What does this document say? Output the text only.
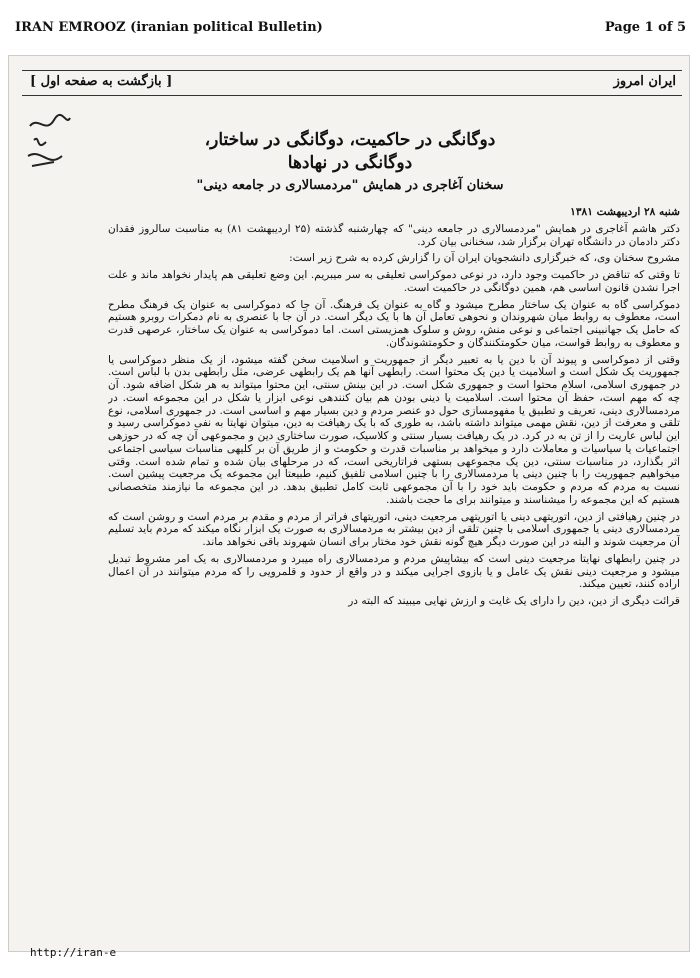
IRAN EMROOZ (iranian political Bulletin)	Page 1 of 5
[ بازگشت به صفحه اول ]	ایران امروز
دوگانگی در حاکمیت، دوگانگی در ساختار،
دوگانگی در نهادها
سخنان آغاجری در همایش "مردمسالاری در جامعه دینی"

شنبه ۲۸ اردیبهشت ۱۳۸۱

دکتر هاشم آغاجری در همایش "مردمسالاری در جامعه دینی" که چهارشنبه گذشته (۲۵ اردیبهشت ۸۱) به مناسبت سالروز فقدان دکتر دادمان در دانشگاه تهران برگزار شد، سخنانی بیان کرد.

مشروح سخنان وی، که خبرگزاری دانشجویان ایران آن را گزارش کرده به شرح زیر است:

تا وقتی که تناقض در حاکمیت وجود دارد، در نوعی دموکراسی تعلیقی به سر میبریم. این وضع تعلیقی هم پایدار نخواهد ماند و علت اجرا نشدن قانون اساسی هم، همین دوگانگی در حاکمیت است.

دموکراسی گاه به عنوان یک ساختار مطرح میشود و گاه به عنوان یک فرهنگ. آن جا که دموکراسی به عنوان یک فرهنگ مطرح است، معطوف به روابط میان شهروندان و نحوهی تعامل آن ها با یک دیگر است. در آن جا با عنصری به نام دمکرات روبرو هستیم که حامل یک جهانبینی اجتماعی و نوعی منش، روش و سلوک همزیستی است. اما دموکراسی به عنوان یک ساختار، عرصهی قدرت و معطوف به روابط قواست، میان حکومتکنندگان و حکومتشوندگان.

وقتی از دموکراسی و پیوند آن با دین یا به تعبیر دیگر از جمهوریت و اسلامیت سخن گفته میشود، از یک منظر دموکراسی یا جمهوریت یک شکل است و اسلامیت یا دین یک محتوا است. رابطهی آنها هم یک رابطهی عرضی، مثل رابطهی بدن با لباس است. در جمهوری اسلامی، اسلام محتوا است و جمهوری شکل است. در این بینش سنتی، این محتوا میتواند به هر شکل اضافه شود. آن چه که مهم است، حفظ آن محتوا است. اسلامیت یا دینی بودن هم بیان کنندهی نوعی ابزار یا شکل در این مجموعه است. در مردمسالاری دینی، تعریف و تطبیق یا مفهومسازی حول دو عنصر مردم و دین بسیار مهم و اساسی است. در جمهوری اسلامی، نوع تلقی و معرفت از دین، نقش مهمی میتواند داشته باشد، به طوری که با یک رهیافت به دین، میتوان نهایتا به نفی دموکراسی رسید و این لباس عاریت را از تن به در کرد. در یک رهیافت بسیار سنتی و کلاسیک، صورت ساختاری دین و مجموعهی آن چه که در حوزهی اجتماعیات یا سیاسیات و معاملات دارد و میخواهد بر مناسبات قدرت و حکومت و از طریق آن بر کلیهی مناسبات سیاسی اجتماعی اثر بگذارد، در مناسبات سنتی، دین یک مجموعهی بستهی فراتاریخی است، که در مرحلهای بیان شده و تمام شده است. وقتی میخواهیم جمهوریت را با چنین دینی یا مردمسالاری را با چنین اسلامی تلفیق کنیم، طبیعتا این مجموعه یک مرجعیت پیشین است. نسبت به مردم که مردم و حکومت باید خود را با آن مجموعهی ثابت کامل تطبیق بدهد. در این مجموعه ما نیازمند متخصصانی هستیم که این مجموعه را میشناسند و میتوانند برای ما حجت باشند.

در چنین رهیافتی از دین، اتوریتهی دینی یا اتوریتهی مرجعیت دینی، اتوریتهای فراتر از مردم و مقدم بر مردم است و روشن است که مردمسالاری دینی یا جمهوری اسلامی با چنین تلقی از دین بیشتر به مردمسالاری به صورت یک ابزار نگاه میکند که مردم باید تسلیم آن مرجعیت شوند و البته در این صورت دیگر هیچ گونه نقش خود مختار برای انسان شهروند باقی نخواهد ماند.

در چنین رابطهای نهایتا مرجعیت دینی است که بیشاپیش مردم و مردمسالاری راه میبرد و مردمسالاری به یک امر مشروط تبدیل میشود و مرجعیت دینی نقش یک عامل و یا بازوی اجرایی میکند و در واقع از حدود و قلمرویی را که مردم میتوانند در آن اعمال اراده کنند، تعیین میکند.

قرائت دیگری از دین، دین را دارای یک غایت و ارزش نهایی میبیند که البته در

http://iran-e
